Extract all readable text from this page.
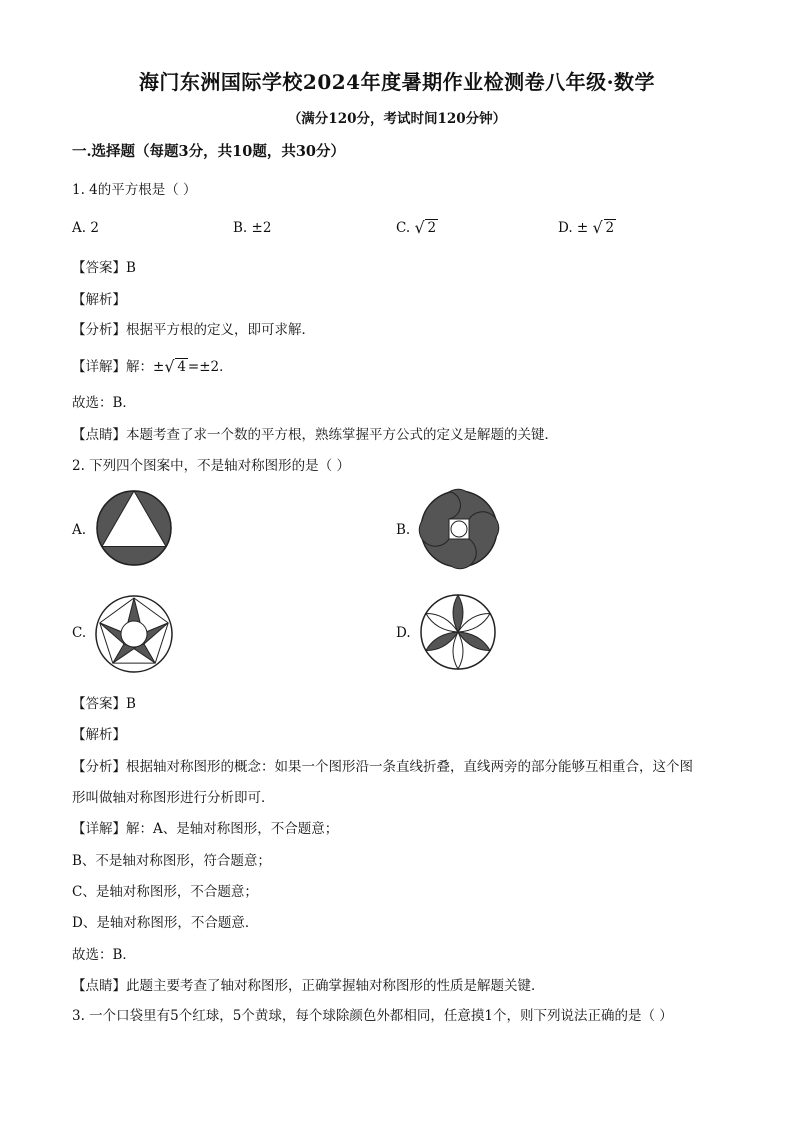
海门东洲国际学校2024年度暑期作业检测卷八年级·数学
（满分120分，考试时间120分钟）
一.选择题（每题3分，共10题，共30分）
1. 4的平方根是（ ）
A. 2	B. ±2	C. √ 2	D. ± √ 2
【答案】B
【解析】
【分析】根据平方根的定义，即可求解．
【详解】解：± √ 4 =±2．
故选：B．
【点睛】本题考查了求一个数的平方根，熟练掌握平方公式的定义是解题的关键．
2. 下列四个图案中，不是轴对称图形的是（ ）
A.	B.
C.	D.
【答案】B
【解析】
【分析】根据轴对称图形的概念：如果一个图形沿一条直线折叠，直线两旁的部分能够互相重合，这个图
形叫做轴对称图形进行分析即可．
【详解】解：A、是轴对称图形，不合题意；
B、不是轴对称图形，符合题意；
C、是轴对称图形，不合题意；
D、是轴对称图形，不合题意．
故选：B．
【点睛】此题主要考查了轴对称图形，正确掌握轴对称图形的性质是解题关键．
3. 一个口袋里有5个红球，5个黄球，每个球除颜色外都相同，任意摸1个，则下列说法正确的是（ ）
